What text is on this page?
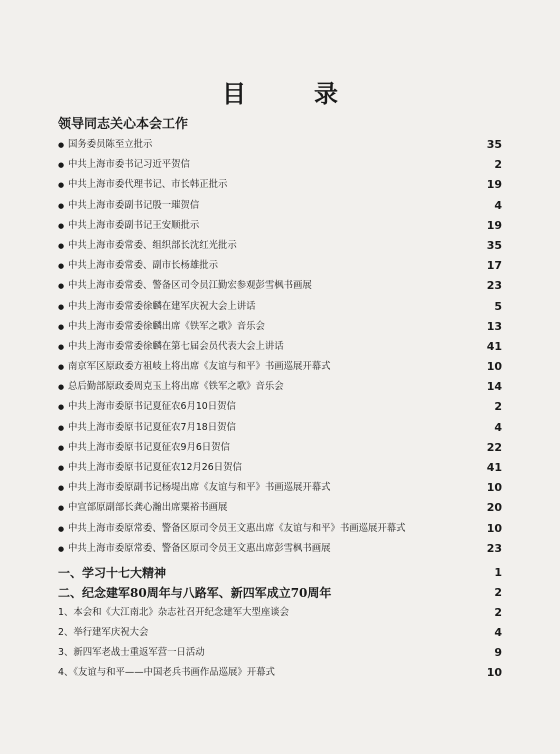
目　录
领导同志关心本会工作
● 国务委员陈至立批示	35
● 中共上海市委书记习近平贺信	2
● 中共上海市委代理书记、市长韩正批示	19
● 中共上海市委副书记殷一璀贺信	4
● 中共上海市委副书记王安顺批示	19
● 中共上海市委常委、组织部长沈红光批示	35
● 中共上海市委常委、副市长杨雄批示	17
● 中共上海市委常委、警备区司令员江勤宏参观彭雪枫书画展	23
● 中共上海市委常委徐麟在建军庆祝大会上讲话	5
● 中共上海市委常委徐麟出席《铁军之歌》音乐会	13
● 中共上海市委常委徐麟在第七届会员代表大会上讲话	41
● 南京军区原政委方祖岐上将出席《友谊与和平》书画巡展开幕式	10
● 总后勤部原政委周克玉上将出席《铁军之歌》音乐会	14
● 中共上海市委原书记夏征农6月10日贺信	2
● 中共上海市委原书记夏征农7月18日贺信	4
● 中共上海市委原书记夏征农9月6日贺信	22
● 中共上海市委原书记夏征农12月26日贺信	41
● 中共上海市委原副书记杨堤出席《友谊与和平》书画巡展开幕式	10
● 中宣部原副部长龚心瀚出席粟裕书画展	20
● 中共上海市委原常委、警备区原司令员王文惠出席《友谊与和平》书画巡展开幕式	10
● 中共上海市委原常委、警备区原司令员王文惠出席彭雪枫书画展	23
一、学习十七大精神	1
二、纪念建军80周年与八路军、新四军成立70周年	2
1、本会和《大江南北》杂志社召开纪念建军大型座谈会	2
2、举行建军庆祝大会	4
3、新四军老战士重返军营一日活动	9
4、《友谊与和平——中国老兵书画作品巡展》开幕式	10
